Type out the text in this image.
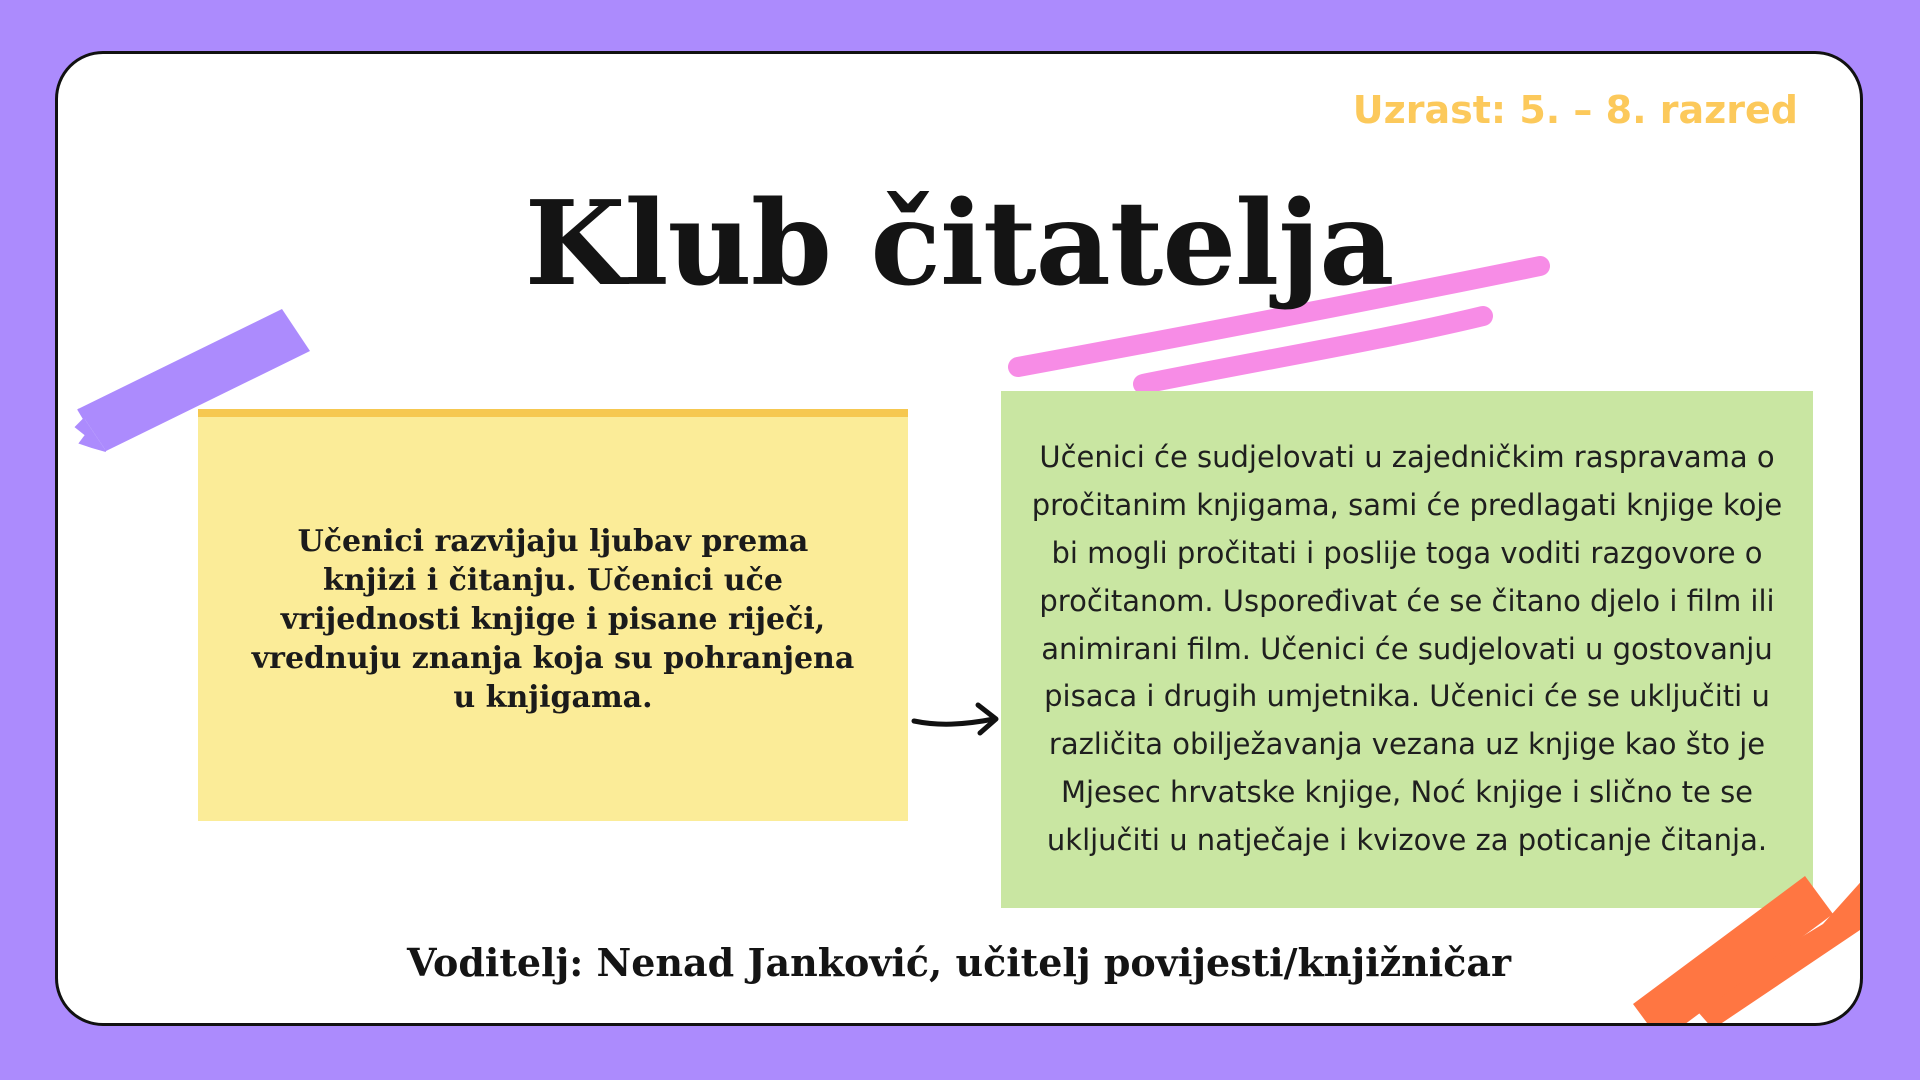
Uzrast: 5. – 8. razred
Klub čitatelja

Učenici razvijaju ljubav prema knjizi i čitanju. Učenici uče vrijednosti knjige i pisane riječi, vrednuju znanja koja su pohranjena u knjigama.

Učenici će sudjelovati u zajedničkim raspravama o pročitanim knjigama, sami će predlagati knjige koje bi mogli pročitati i poslije toga voditi razgovore o pročitanom. Uspoređivat će se čitano djelo i film ili animirani film. Učenici će sudjelovati u gostovanju pisaca i drugih umjetnika. Učenici će se uključiti u različita obilježavanja vezana uz knjige kao što je Mjesec hrvatske knjige, Noć knjige i slično te se uključiti u natječaje i kvizove za poticanje čitanja.

Voditelj: Nenad Janković, učitelj povijesti/knjižničar
